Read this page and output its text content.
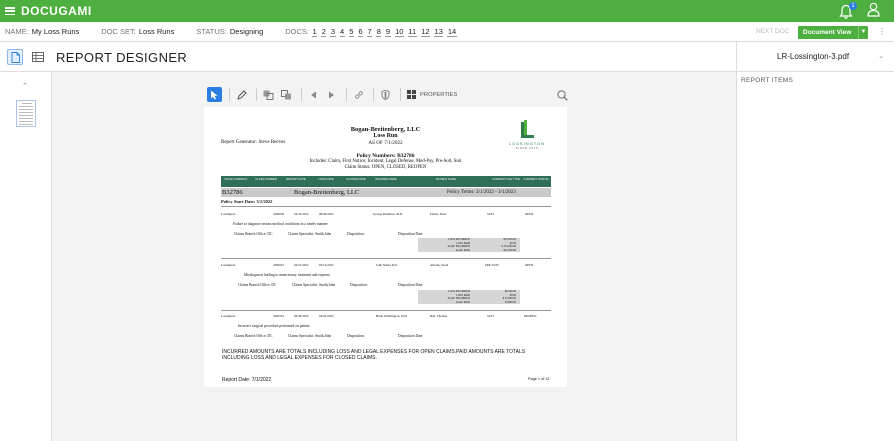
DOCUGAMI	1
NAME: My Loss Runs	DOC SET: Loss Runs	STATUS: Designing	DOCS: 1 2 3 4 5 6 7 8 9 10 11 12 13 14	NEXT DOC Document View	▼ ⋮
REPORT DESIGNER	LR-Lossington-3.pdf	⌄
⌃
REPORT ITEMS
PROPERTIES
Bogan-Breitenberg, LLC
Loss Run
AS OF 7/1/2022
Report Generator: Steve Reeves
Policy Numbers: B32786
Includes: Claim, First Notice, Incident, Legal Defense, Med-Pay, Pre-Suit, Suit
Claim Status: OPEN, CLOSED, REOPEN
LOSSINGTON
SINCE 2025
ISSUE COMPANY	CLAIM NUMBER	REPORT DATE	LOSS DATE	CLOSED DATE	INSURED NAME	PATIENT NAME	CURRENT FILE TYPE	CURRENT STATUS
B32786	Bogan-Breitenberg, LLC	Policy Terms: 3/1/2022 - 3/1/2023
Policy Start Date: 3/1/2022
Lossington	3482002	04/10/2022	09/09/2022	George Kuehlow, M.D	Parker, Peter	SUIT	OPEN
Failure to diagnose serious medical conditions in a timely manner
Claims Branch Office: DC	Claims Specialist: Smith,John	Disposition:	Disposition Date:
LOSS INCURRED	$35,000.00
LOSS PAID	$0.00
ALAE INCURRED	$ 155,000.00
ALAE PAID	$41,000.00
Lossington	3482001	04/01/2022	03/14/2022	John Nattin D.O.	Allsom, Sarah	PRE-SUIT	OPEN
Misdiagnosis leading to unnecessary treatment and expense
Claims Branch Office: DC	Claims Specialist: Smith,John	Disposition:	Disposition Date:
LOSS INCURRED	$6,500.00
LOSS PAID	$0.00
ALAE INCURRED	$ 35,000.00
ALAE PAID	$3,889.00
Lossington	3469791	06/28/2022	04/03/2022	Brian Ummington, M.D.	Ball, Thomas	SUIT	REOPEN
Incorrect surgical procedure performed on patient.
Claims Branch Office: DC	Claims Specialist: Smith,John	Disposition:	Disposition Date:
INCURRED AMOUNTS ARE TOTALS INCLUDING LOSS AND LEGAL EXPENSES FOR OPEN CLAIMS.PAID AMOUNTS ARE TOTALS INCLUDING LOSS AND LEGAL EXPENSES FOR CLOSED CLAIMS.
Report Date: 7/1/2022	Page 1 of 12
